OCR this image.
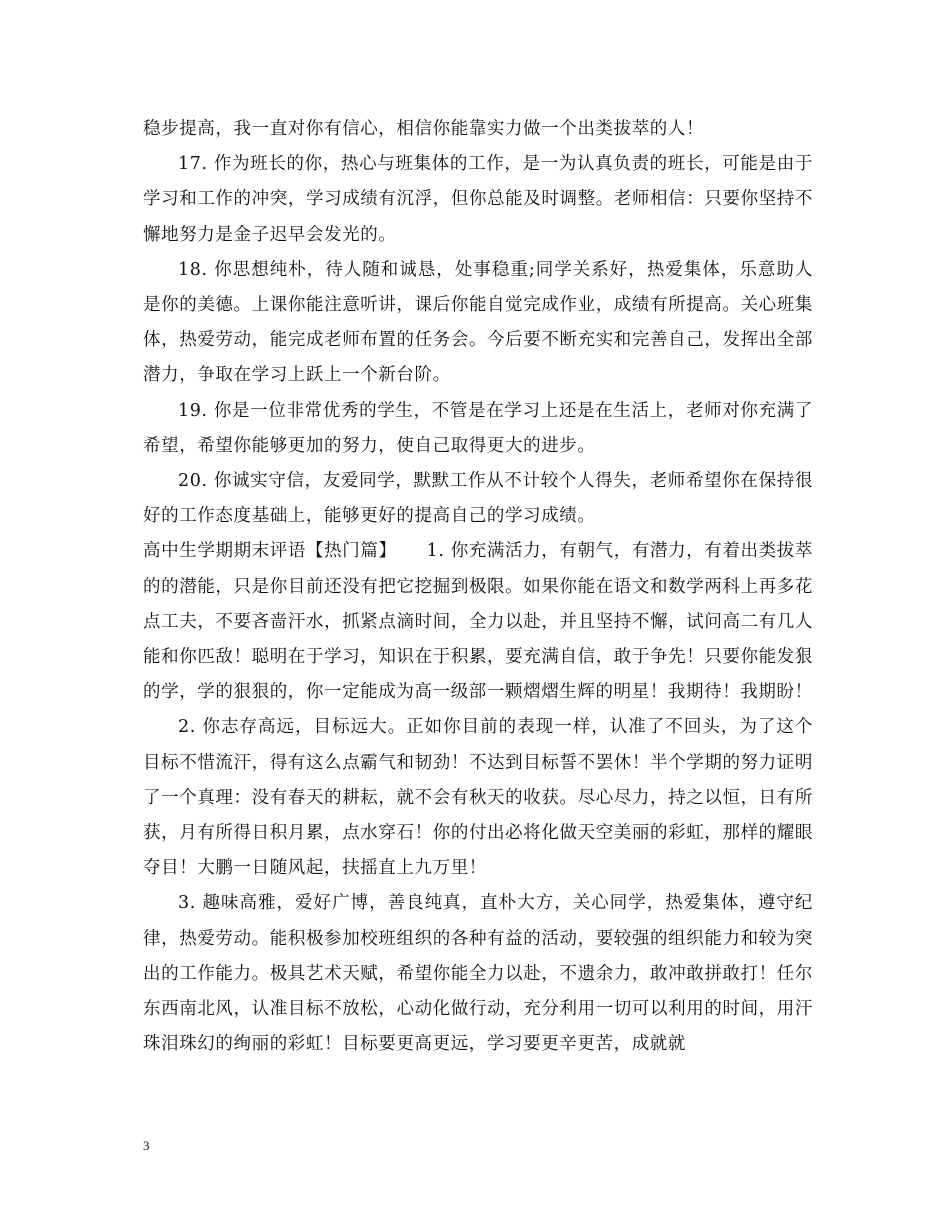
稳步提高，我一直对你有信心，相信你能靠实力做一个出类拔萃的人！

17. 作为班长的你，热心与班集体的工作，是一为认真负责的班长，可能是由于学习和工作的冲突，学习成绩有沉浮，但你总能及时调整。老师相信：只要你坚持不懈地努力是金子迟早会发光的。

18. 你思想纯朴，待人随和诚恳，处事稳重;同学关系好，热爱集体，乐意助人是你的美德。上课你能注意听讲，课后你能自觉完成作业，成绩有所提高。关心班集体，热爱劳动，能完成老师布置的任务会。今后要不断充实和完善自己，发挥出全部潜力，争取在学习上跃上一个新台阶。

19. 你是一位非常优秀的学生，不管是在学习上还是在生活上，老师对你充满了希望，希望你能够更加的努力，使自己取得更大的进步。

20. 你诚实守信，友爱同学，默默工作从不计较个人得失，老师希望你在保持很好的工作态度基础上，能够更好的提高自己的学习成绩。

高中生学期期末评语【热门篇】 1. 你充满活力，有朝气，有潜力，有着出类拔萃的的潜能，只是你目前还没有把它挖掘到极限。如果你能在语文和数学两科上再多花点工夫，不要吝啬汗水，抓紧点滴时间，全力以赴，并且坚持不懈，试问高二有几人能和你匹敌！聪明在于学习，知识在于积累，要充满自信，敢于争先！只要你能发狠的学，学的狠狠的，你一定能成为高一级部一颗熠熠生辉的明星！我期待！我期盼！

2. 你志存高远，目标远大。正如你目前的表现一样，认准了不回头，为了这个目标不惜流汗，得有这么点霸气和韧劲！不达到目标誓不罢休！半个学期的努力证明了一个真理：没有春天的耕耘，就不会有秋天的收获。尽心尽力，持之以恒，日有所获，月有所得日积月累，点水穿石！你的付出必将化做天空美丽的彩虹，那样的耀眼夺目！大鹏一日随风起，扶摇直上九万里！

3. 趣味高雅，爱好广博，善良纯真，直朴大方，关心同学，热爱集体，遵守纪律，热爱劳动。能积极参加校班组织的各种有益的活动，要较强的组织能力和较为突出的工作能力。极具艺术天赋，希望你能全力以赴，不遗余力，敢冲敢拼敢打！任尔东西南北风，认准目标不放松，心动化做行动，充分利用一切可以利用的时间，用汗珠泪珠幻的绚丽的彩虹！目标要更高更远，学习要更辛更苦，成就就

3
